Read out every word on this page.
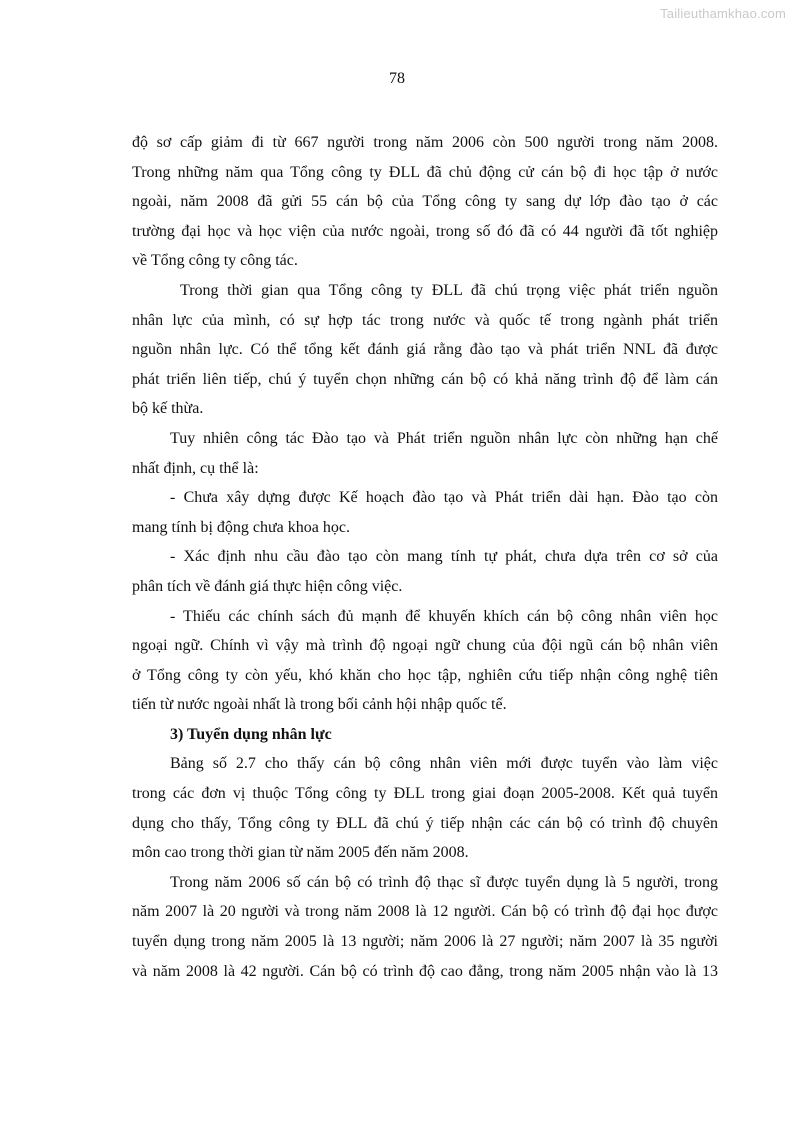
Tailieuthamkhao.com
78
độ sơ cấp giảm đi từ 667 người trong năm 2006 còn 500 người trong năm 2008.
Trong những năm qua Tổng công ty ĐLL đã chủ động cử cán bộ đi học tập ở nước
ngoài, năm 2008 đã gửi 55 cán bộ của Tổng công ty sang dự lớp đào tạo ở các
trường đại học và học viện của nước ngoài, trong số đó đã có 44 người đã tốt nghiệp
về Tổng công ty công tác.
Trong thời gian qua Tổng công ty ĐLL đã chú trọng việc phát triển nguồn
nhân lực của mình, có sự hợp tác trong nước và quốc tế trong ngành phát triển
nguồn nhân lực. Có thể tổng kết đánh giá rằng đào tạo và phát triển NNL đã được
phát triển liên tiếp, chú ý tuyển chọn những cán bộ có khả năng trình độ để làm cán
bộ kế thừa.
Tuy nhiên công tác Đào tạo và Phát triển nguồn nhân lực còn những hạn chế
nhất định, cụ thể là:
- Chưa xây dựng được Kế hoạch đào tạo và Phát triển dài hạn. Đào tạo còn
mang tính bị động chưa khoa học.
- Xác định nhu cầu đào tạo còn mang tính tự phát, chưa dựa trên cơ sở của
phân tích về đánh giá thực hiện công việc.
- Thiếu các chính sách đủ mạnh để khuyến khích cán bộ công nhân viên học
ngoại ngữ. Chính vì vậy mà trình độ ngoại ngữ chung của đội ngũ cán bộ nhân viên
ở Tổng công ty còn yếu, khó khăn cho học tập, nghiên cứu tiếp nhận công nghệ tiên
tiến từ nước ngoài nhất là trong bối cảnh hội nhập quốc tế.
3) Tuyển dụng nhân lực
Bảng số 2.7 cho thấy cán bộ công nhân viên mới được tuyển vào làm việc
trong các đơn vị thuộc Tổng công ty ĐLL trong giai đoạn 2005-2008. Kết quả tuyển
dụng cho thấy, Tổng công ty ĐLL đã chú ý tiếp nhận các cán bộ có trình độ chuyên
môn cao trong thời gian từ năm 2005 đến năm 2008.
Trong năm 2006 số cán bộ có trình độ thạc sĩ được tuyển dụng là 5 người, trong
năm 2007 là 20 người và trong năm 2008 là 12 người. Cán bộ có trình độ đại học được
tuyển dụng trong năm 2005 là 13 người; năm 2006 là 27 người; năm 2007 là 35 người
và năm 2008 là 42 người. Cán bộ có trình độ cao đẳng, trong năm 2005 nhận vào là 13
